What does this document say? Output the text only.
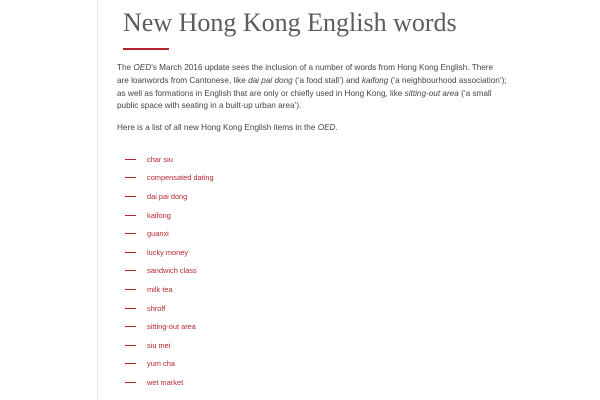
New Hong Kong English words

The OED’s March 2016 update sees the inclusion of a number of words from Hong Kong English. There are loanwords from Cantonese, like dai pai dong (‘a food stall’) and kaifong (‘a neighbourhood association’); as well as formations in English that are only or chiefly used in Hong Kong, like sitting-out area (‘a small public space with seating in a built-up urban area’).

Here is a list of all new Hong Kong English items in the OED.

char siu
compensated dating
dai pai dong
kaifong
guanxi
lucky money
sandwich class
milk tea
shroff
sitting-out area
siu mei
yum cha
wet market
